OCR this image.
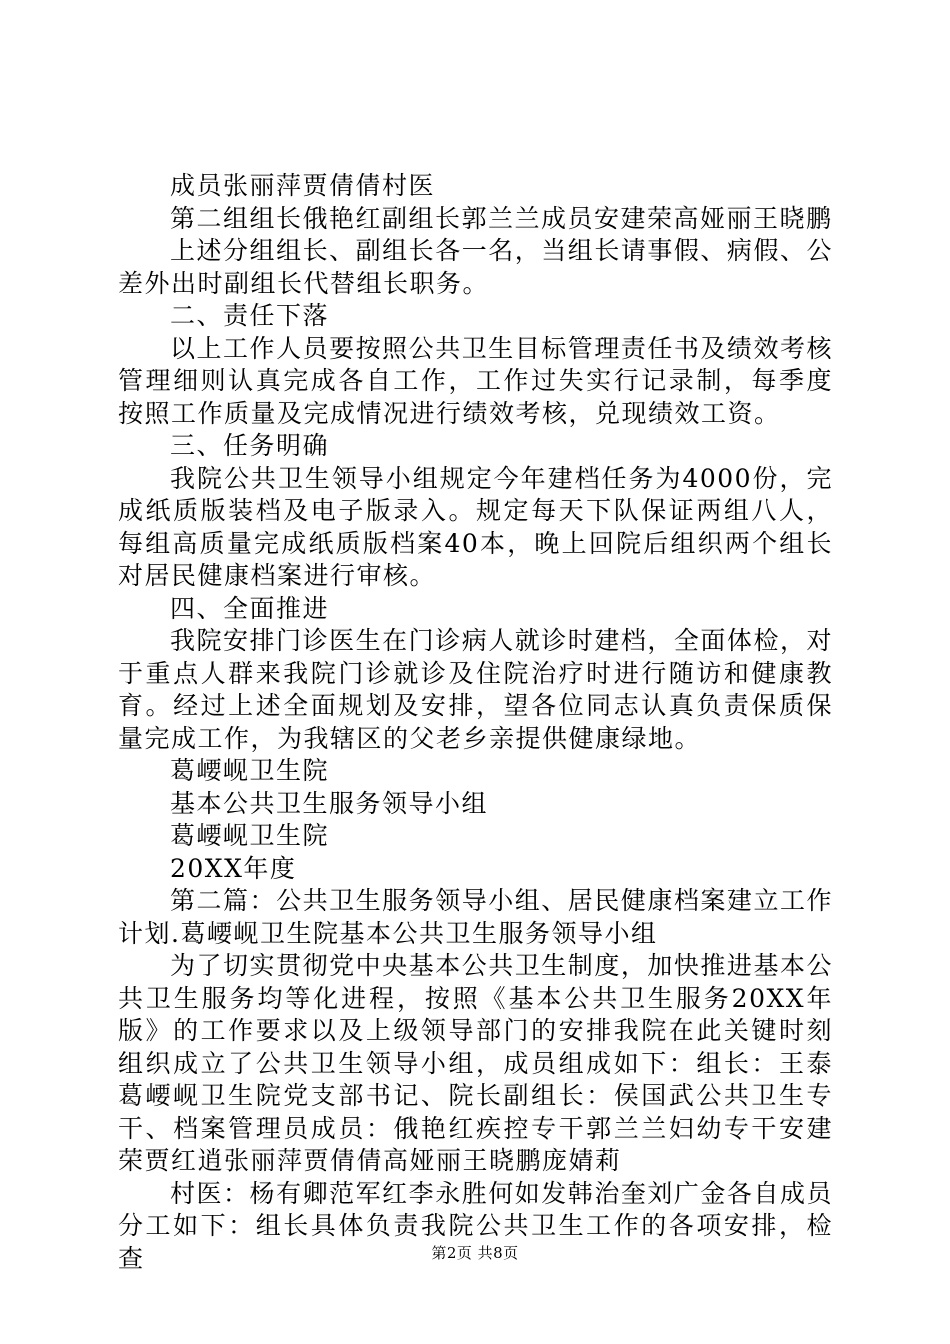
成员张丽萍贾倩倩村医

第二组组长俄艳红副组长郭兰兰成员安建荣高娅丽王晓鹏

上述分组组长、副组长各一名，当组长请事假、病假、公差外出时副组长代替组长职务。

二、责任下落

以上工作人员要按照公共卫生目标管理责任书及绩效考核管理细则认真完成各自工作，工作过失实行记录制，每季度按照工作质量及完成情况进行绩效考核，兑现绩效工资。

三、任务明确

我院公共卫生领导小组规定今年建档任务为4000份，完成纸质版装档及电子版录入。规定每天下队保证两组八人，每组高质量完成纸质版档案40本，晚上回院后组织两个组长对居民健康档案进行审核。

四、全面推进

我院安排门诊医生在门诊病人就诊时建档，全面体检，对于重点人群来我院门诊就诊及住院治疗时进行随访和健康教育。经过上述全面规划及安排，望各位同志认真负责保质保量完成工作，为我辖区的父老乡亲提供健康绿地。

葛崾岘卫生院

基本公共卫生服务领导小组

葛崾岘卫生院

20XX年度

第二篇：公共卫生服务领导小组、居民健康档案建立工作计划.葛崾岘卫生院基本公共卫生服务领导小组

为了切实贯彻党中央基本公共卫生制度，加快推进基本公共卫生服务均等化进程，按照《基本公共卫生服务20XX年版》的工作要求以及上级领导部门的安排我院在此关键时刻组织成立了公共卫生领导小组，成员组成如下：组长：王泰葛崾岘卫生院党支部书记、院长副组长：侯国武公共卫生专干、档案管理员成员：俄艳红疾控专干郭兰兰妇幼专干安建荣贾红逍张丽萍贾倩倩高娅丽王晓鹏庞婧莉

村医：杨有卿范军红李永胜何如发韩治奎刘广金各自成员分工如下：组长具体负责我院公共卫生工作的各项安排，检查	第2页 共8页
